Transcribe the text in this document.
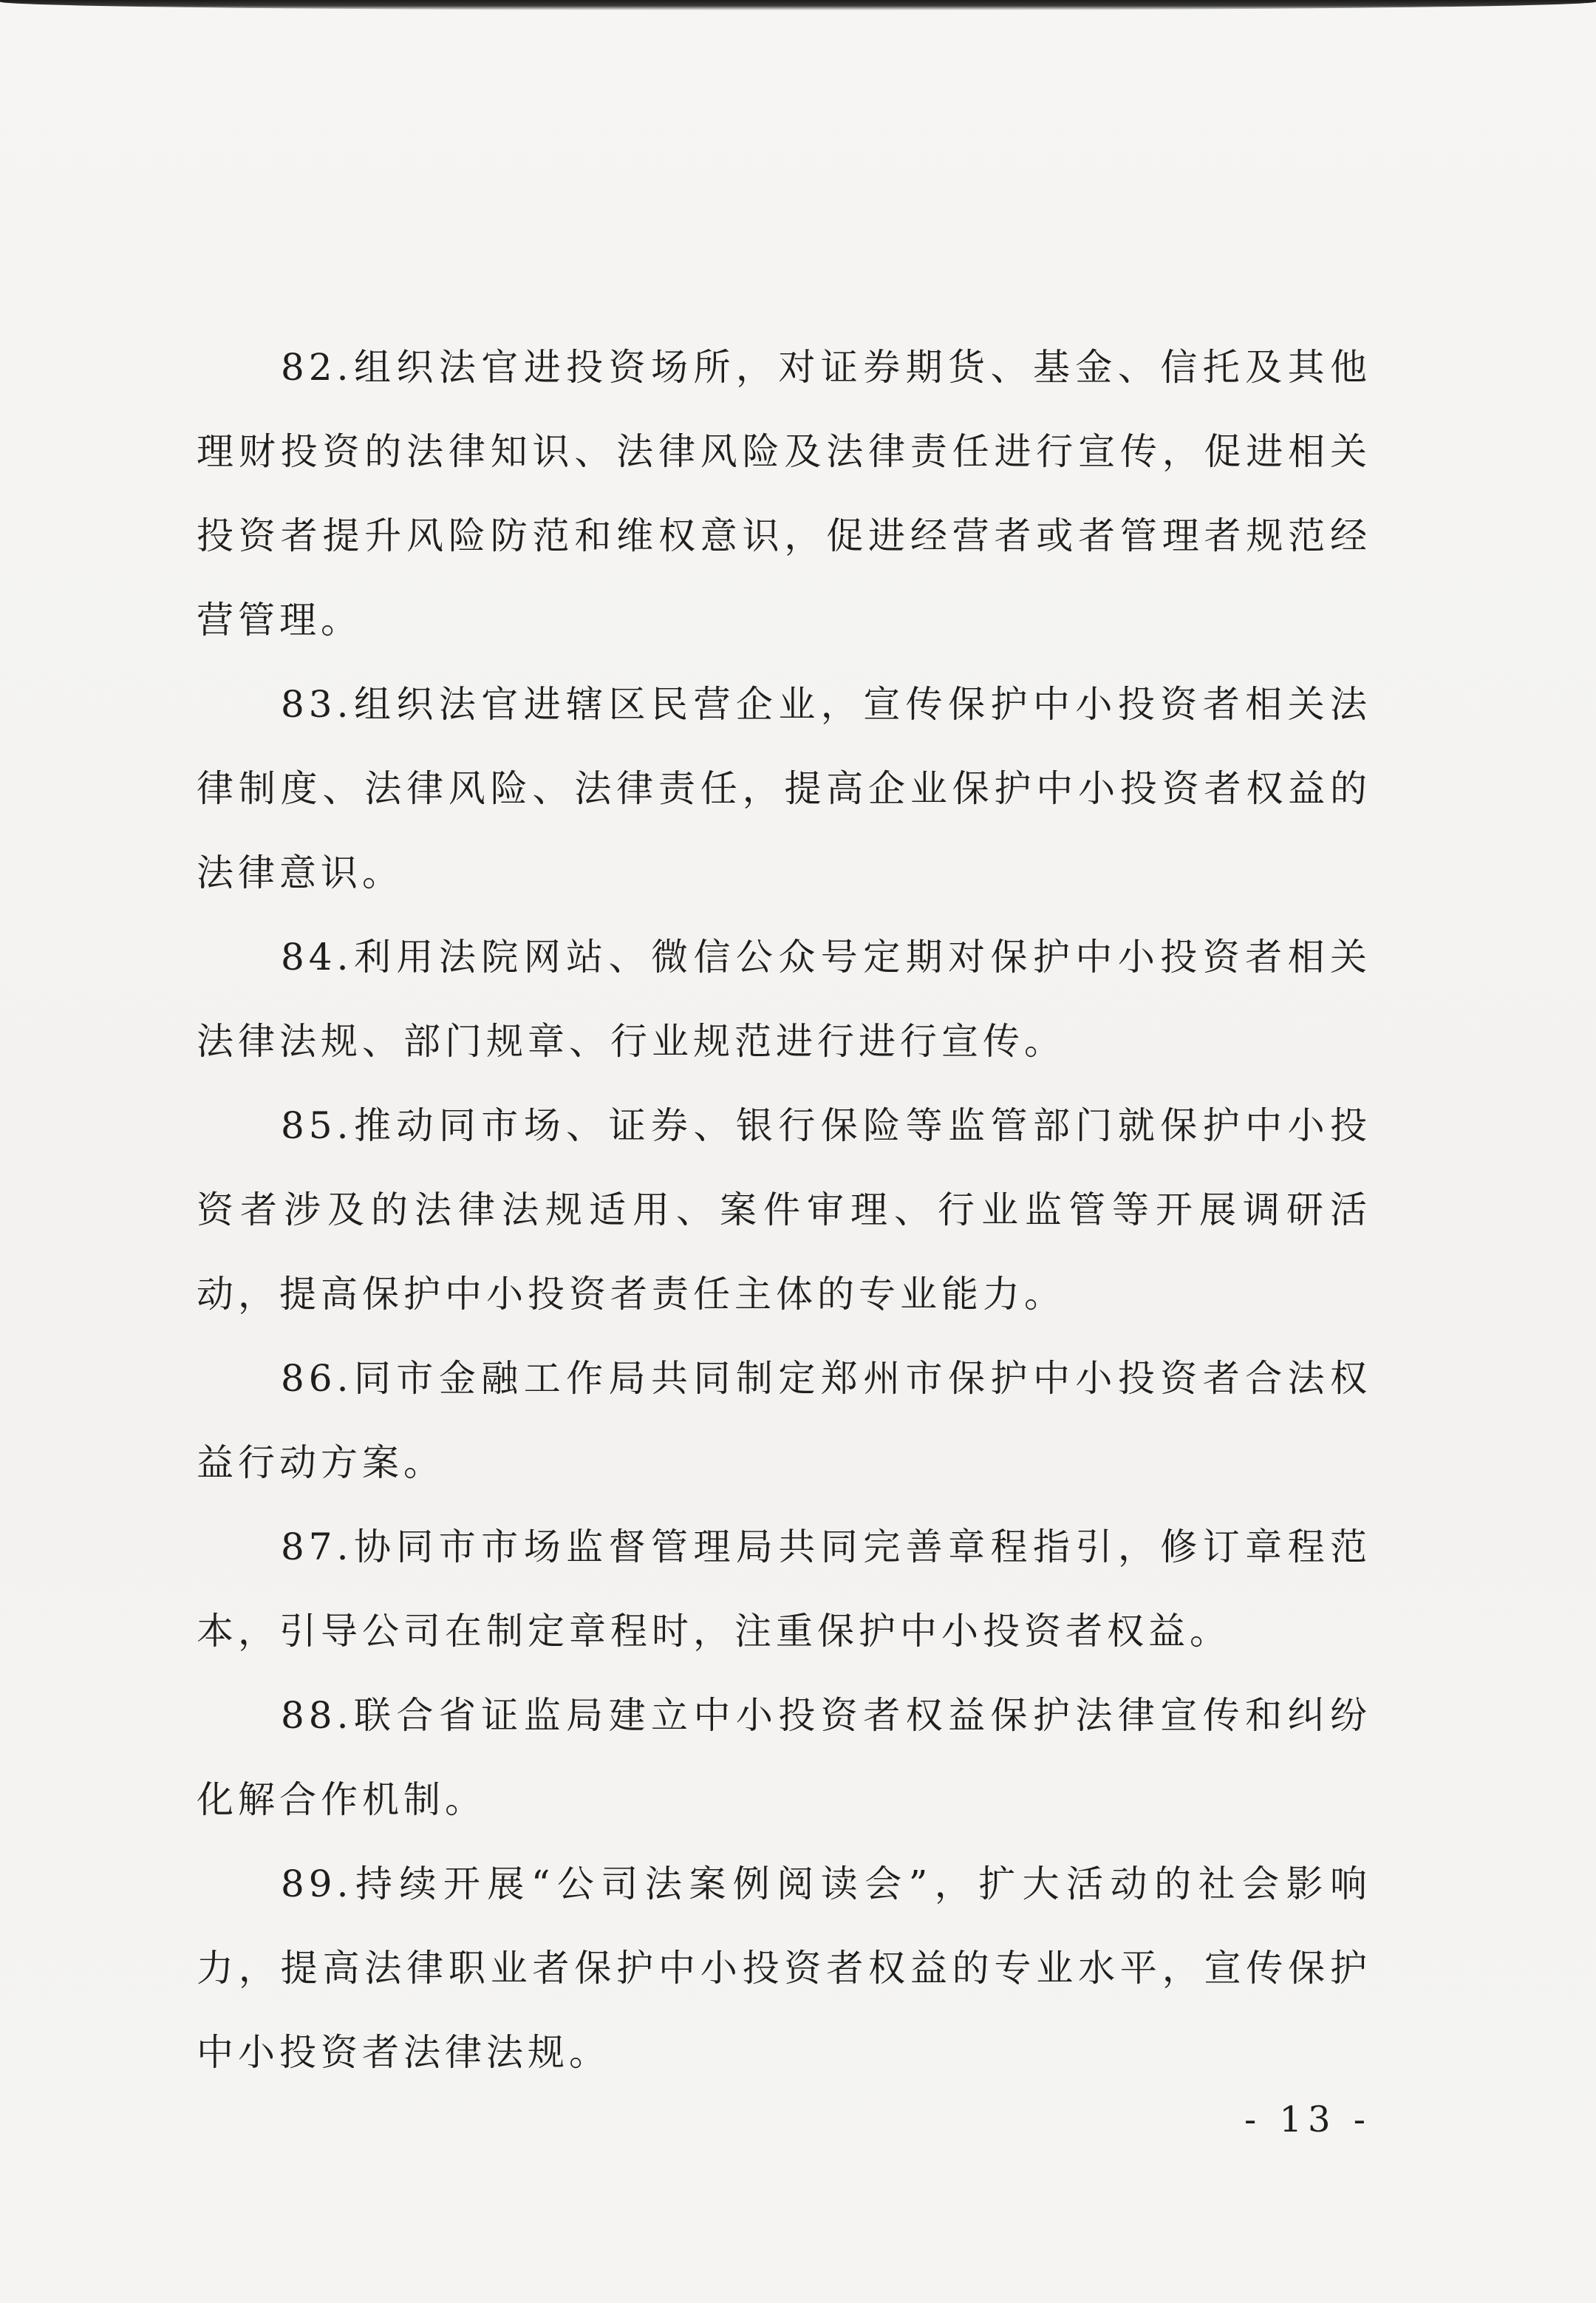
82.组织法官进投资场所，对证券期货、基金、信托及其他理财投资的法律知识、法律风险及法律责任进行宣传，促进相关投资者提升风险防范和维权意识，促进经营者或者管理者规范经营管理。

83.组织法官进辖区民营企业，宣传保护中小投资者相关法律制度、法律风险、法律责任，提高企业保护中小投资者权益的法律意识。

84.利用法院网站、微信公众号定期对保护中小投资者相关法律法规、部门规章、行业规范进行进行宣传。

85.推动同市场、证券、银行保险等监管部门就保护中小投资者涉及的法律法规适用、案件审理、行业监管等开展调研活动，提高保护中小投资者责任主体的专业能力。

86.同市金融工作局共同制定郑州市保护中小投资者合法权益行动方案。

87.协同市市场监督管理局共同完善章程指引，修订章程范本，引导公司在制定章程时，注重保护中小投资者权益。

88.联合省证监局建立中小投资者权益保护法律宣传和纠纷化解合作机制。

89.持续开展“公司法案例阅读会”，扩大活动的社会影响力，提高法律职业者保护中小投资者权益的专业水平，宣传保护中小投资者法律法规。

- 13 -
